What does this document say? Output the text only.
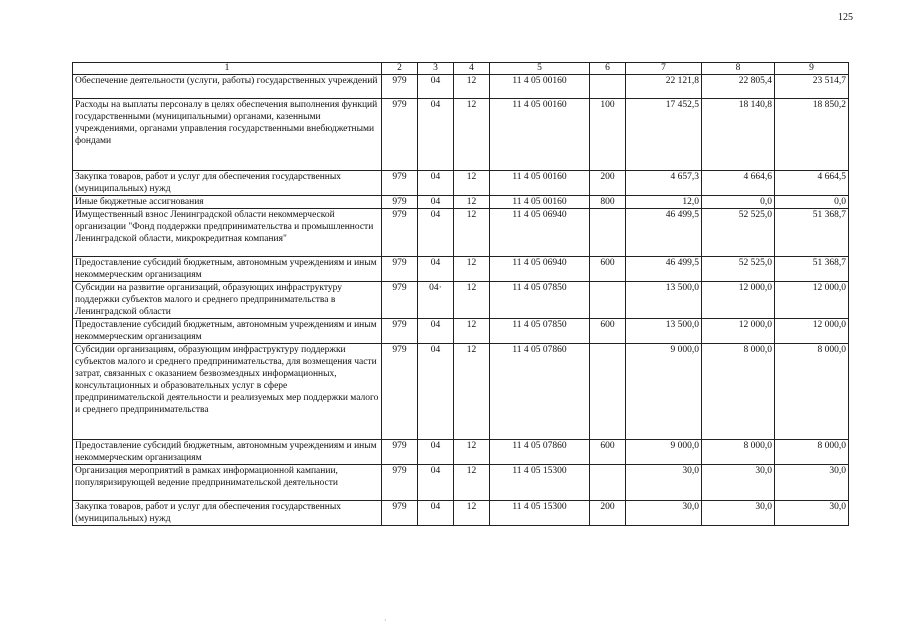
125
1	2	3	4	5	6	7	8	9
Обеспечение деятельности (услуги, работы) государственных учреждений	979	04	12	11 4 05 00160		22 121,8	22 805,4	23 514,7
Расходы на выплаты персоналу в целях обеспечения выполнения функций государственными (муниципальными) органами, казенными учреждениями, органами управления государственными внебюджетными фондами	979	04	12	11 4 05 00160	100	17 452,5	18 140,8	18 850,2
Закупка товаров, работ и услуг для обеспечения государственных (муниципальных) нужд	979	04	12	11 4 05 00160	200	4 657,3	4 664,6	4 664,5
Иные бюджетные ассигнования	979	04	12	11 4 05 00160	800	12,0	0,0	0,0
Имущественный взнос Ленинградской области некоммерческой организации "Фонд поддержки предпринимательства и промышленности Ленинградской области, микрокредитная компания"	979	04	12	11 4 05 06940		46 499,5	52 525,0	51 368,7
Предоставление субсидий бюджетным, автономным учреждениям и иным некоммерческим организациям	979	04	12	11 4 05 06940	600	46 499,5	52 525,0	51 368,7
Субсидии на развитие организаций, образующих инфраструктуру поддержки субъектов малого и среднего предпринимательства в Ленинградской области	979	04·	12	11 4 05 07850		13 500,0	12 000,0	12 000,0
Предоставление субсидий бюджетным, автономным учреждениям и иным некоммерческим организациям	979	04	12	11 4 05 07850	600	13 500,0	12 000,0	12 000,0
Субсидии организациям, образующим инфраструктуру поддержки субъектов малого и среднего предпринимательства, для возмещения части затрат, связанных с оказанием безвозмездных информационных, консультационных и образовательных услуг в сфере предпринимательской деятельности и реализуемых мер поддержки малого и среднего предпринимательства	979	04	12	11 4 05 07860		9 000,0	8 000,0	8 000,0
Предоставление субсидий бюджетным, автономным учреждениям и иным некоммерческим организациям	979	04	12	11 4 05 07860	600	9 000,0	8 000,0	8 000,0
Организация мероприятий в рамках информационной кампании, популяризирующей ведение предпринимательской деятельности	979	04	12	11 4 05 15300		30,0	30,0	30,0
Закупка товаров, работ и услуг для обеспечения государственных (муниципальных) нужд	979	04	12	11 4 05 15300	200	30,0	30,0	30,0
·
